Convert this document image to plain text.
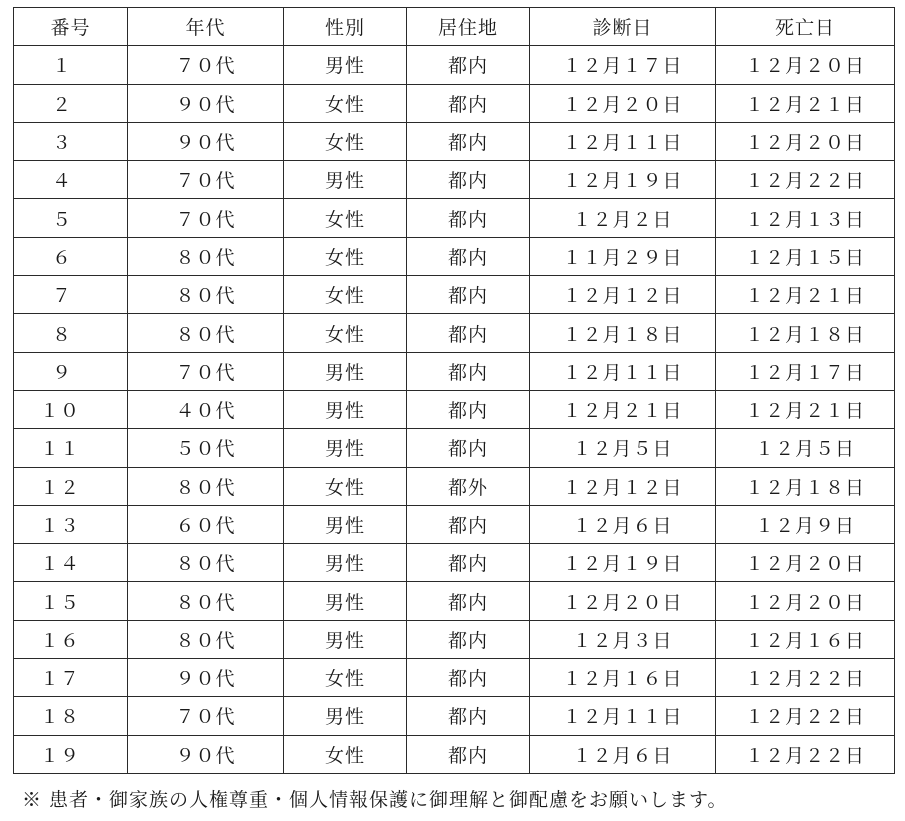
番号	年代	性別	居住地	診断日	死亡日
１	７０代	男性	都内	１２月１７日	１２月２０日
２	９０代	女性	都内	１２月２０日	１２月２１日
３	９０代	女性	都内	１２月１１日	１２月２０日
４	７０代	男性	都内	１２月１９日	１２月２２日
５	７０代	女性	都内	１２月２日	１２月１３日
６	８０代	女性	都内	１１月２９日	１２月１５日
７	８０代	女性	都内	１２月１２日	１２月２１日
８	８０代	女性	都内	１２月１８日	１２月１８日
９	７０代	男性	都内	１２月１１日	１２月１７日
１０	４０代	男性	都内	１２月２１日	１２月２１日
１１	５０代	男性	都内	１２月５日	１２月５日
１２	８０代	女性	都外	１２月１２日	１２月１８日
１３	６０代	男性	都内	１２月６日	１２月９日
１４	８０代	男性	都内	１２月１９日	１２月２０日
１５	８０代	男性	都内	１２月２０日	１２月２０日
１６	８０代	男性	都内	１２月３日	１２月１６日
１７	９０代	女性	都内	１２月１６日	１２月２２日
１８	７０代	男性	都内	１２月１１日	１２月２２日
１９	９０代	女性	都内	１２月６日	１２月２２日
※ 患者・御家族の人権尊重・個人情報保護に御理解と御配慮をお願いします。
